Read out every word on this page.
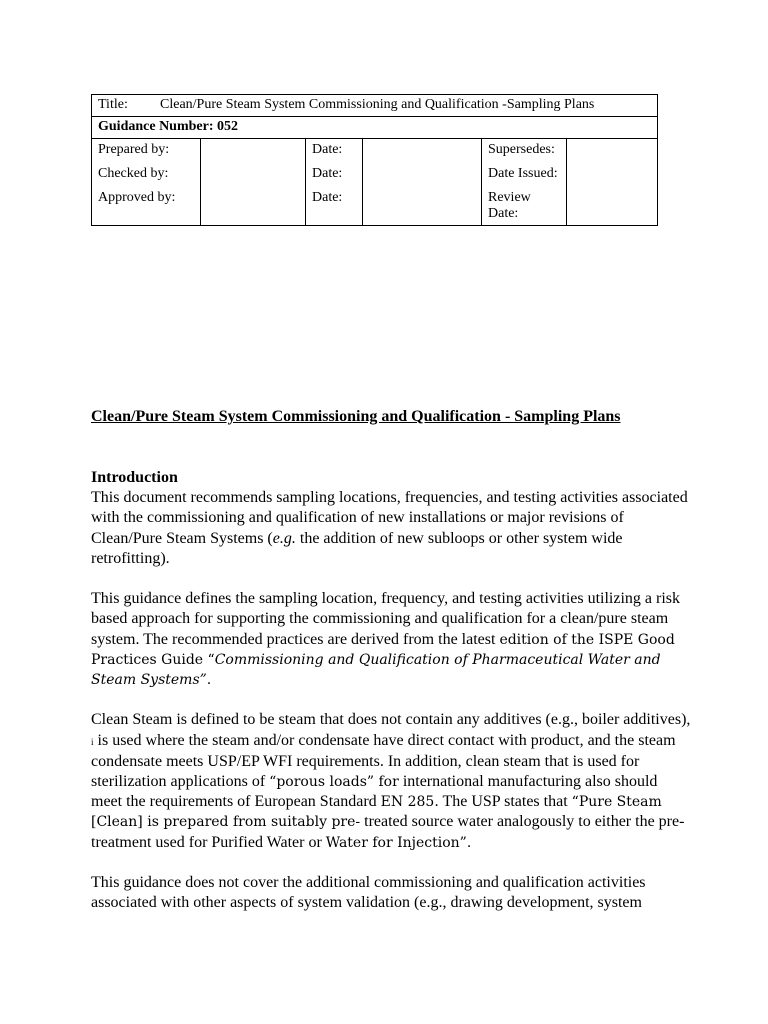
Title: Clean/Pure Steam System Commissioning and Qualification -Sampling Plans					
Guidance Number: 052					
Prepared by:		Date:		Supersedes:	
Checked by:		Date:		Date Issued:	
Approved by:		Date:		Review Date:	
Clean/Pure Steam System Commissioning and Qualification - Sampling Plans
Introduction

This document recommends sampling locations, frequencies, and testing activities associated with the commissioning and qualification of new installations or major revisions of Clean/Pure Steam Systems (e.g. the addition of new subloops or other system wide retrofitting).

This guidance defines the sampling location, frequency, and testing activities utilizing a risk based approach for supporting the commissioning and qualification for a clean/pure steam system. The recommended practices are derived from the latest edition of the ISPE Good Practices Guide “Commissioning and Qualification of Pharmaceutical Water and Steam Systems”.

Clean Steam is defined to be steam that does not contain any additives (e.g., boiler additives), i is used where the steam and/or condensate have direct contact with product, and the steam condensate meets USP/EP WFI requirements. In addition, clean steam that is used for sterilization applications of “porous loads” for international manufacturing also should meet the requirements of European Standard EN 285. The USP states that “Pure Steam [Clean] is prepared from suitably pre- treated source water analogously to either the pre-treatment used for Purified Water or Water for Injection”.

This guidance does not cover the additional commissioning and qualification activities associated with other aspects of system validation (e.g., drawing development, system
